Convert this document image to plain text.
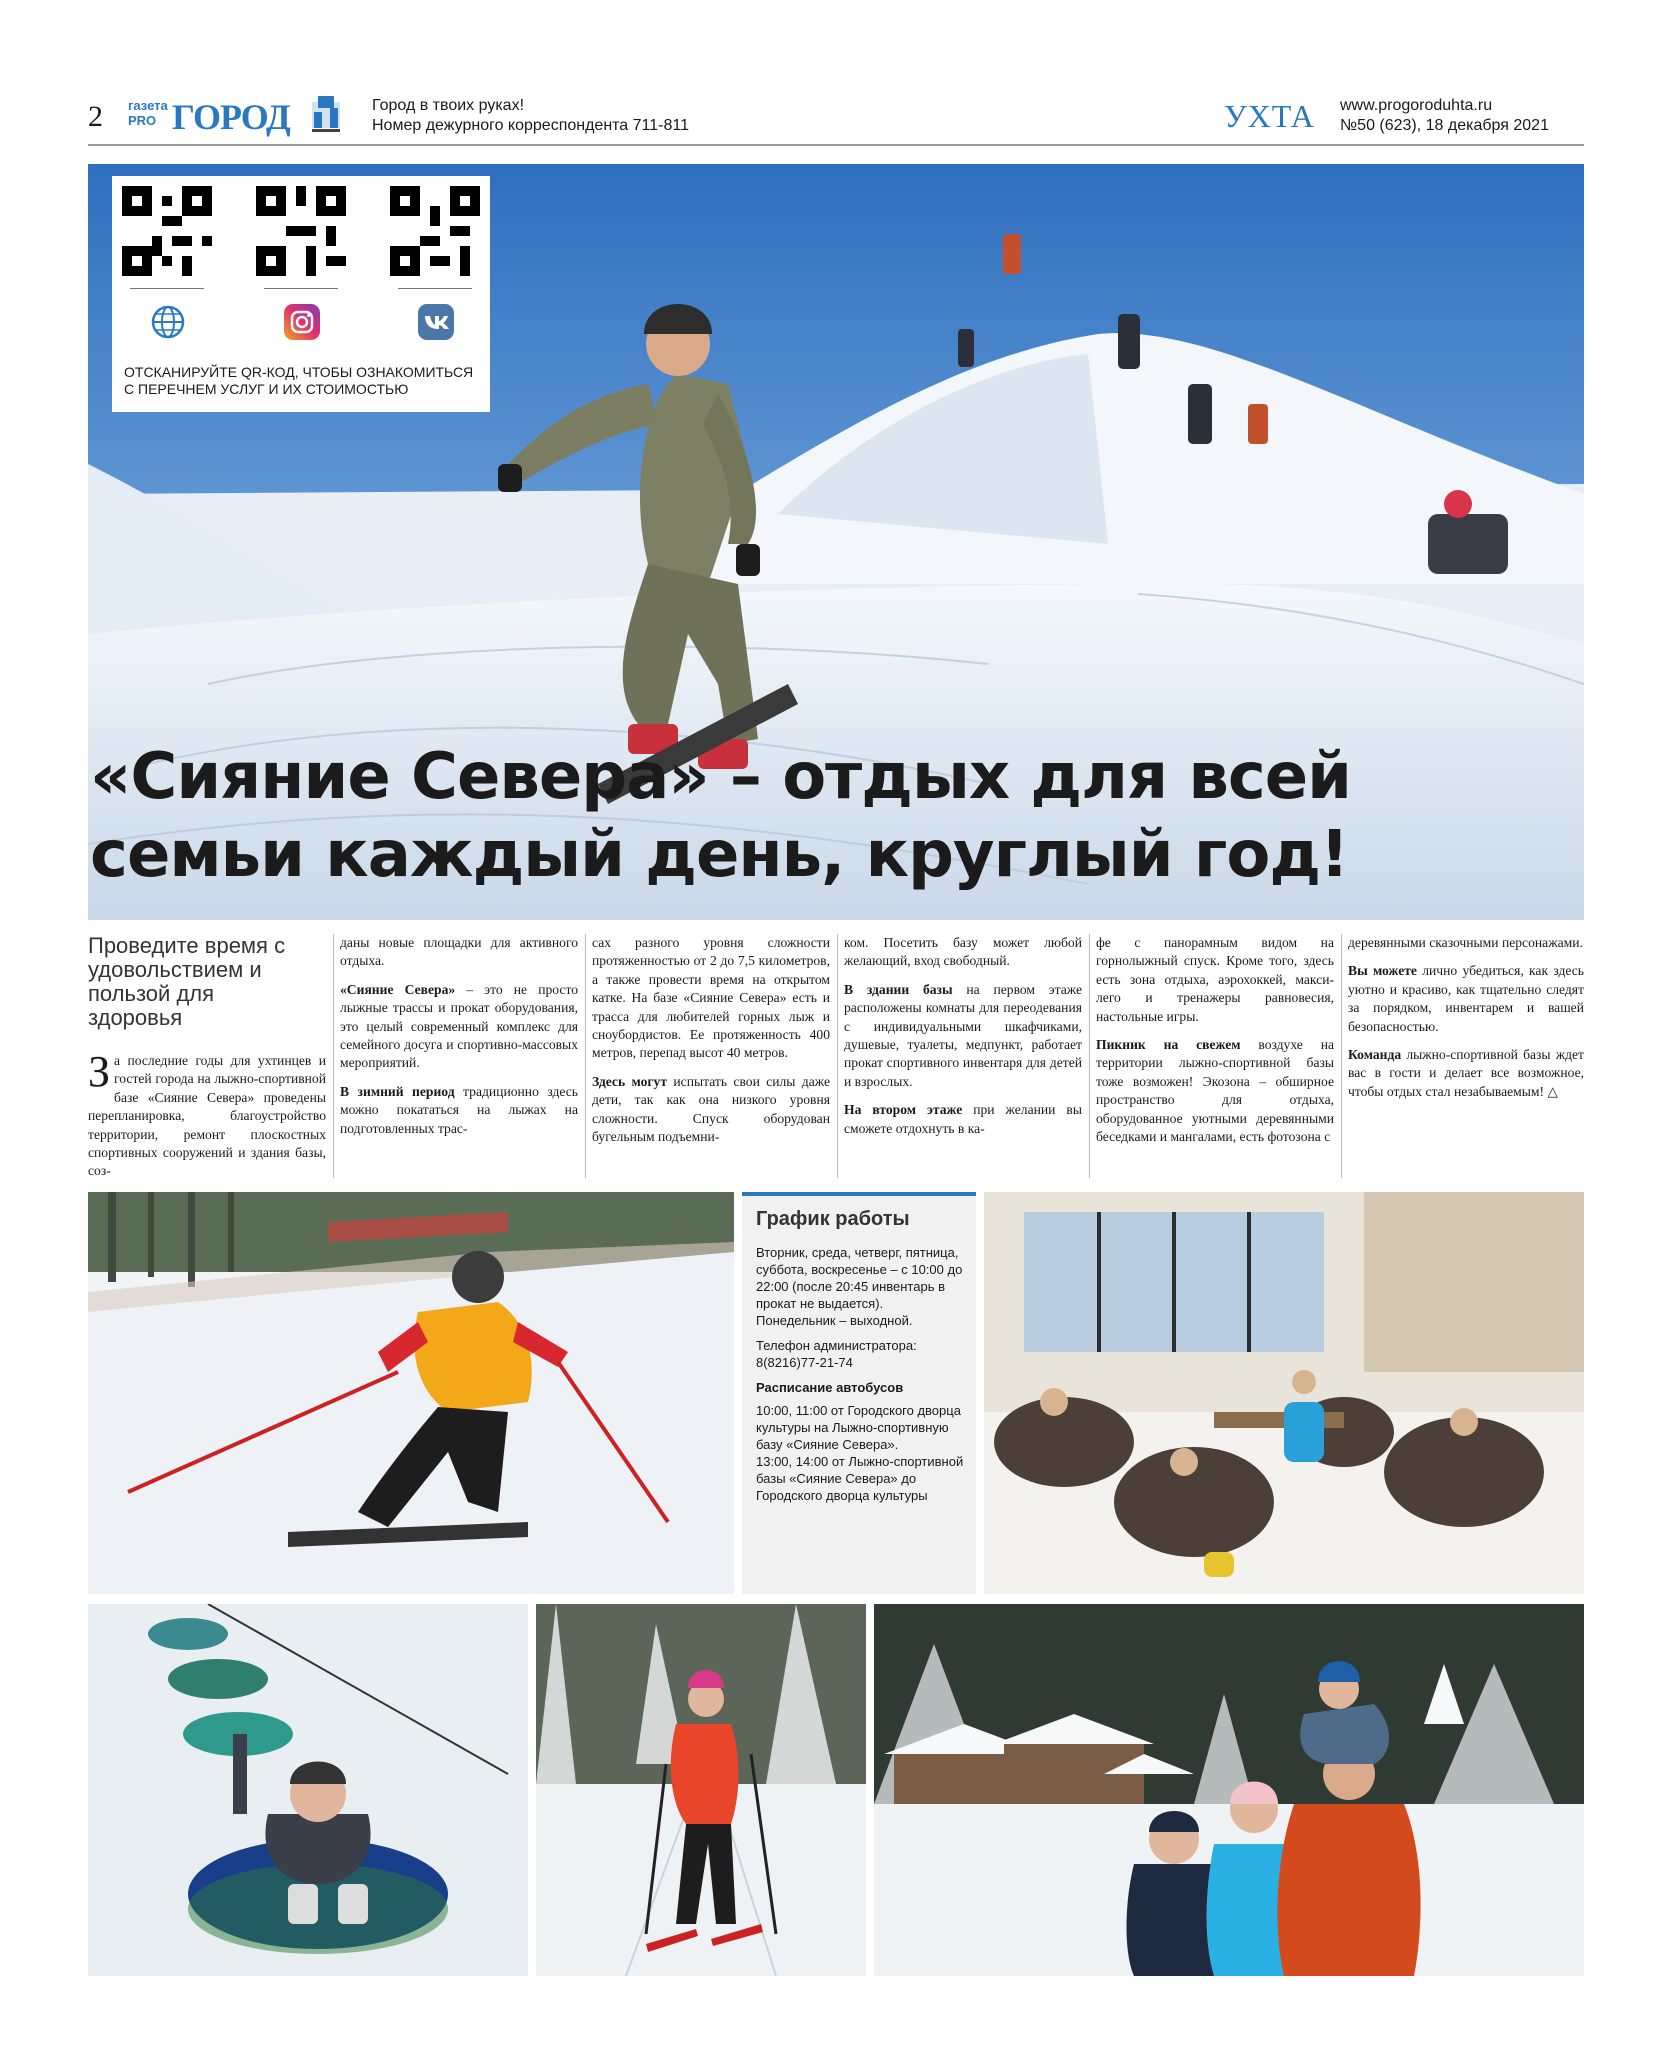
2 газета PRO ГОРОД	Город в твоих руках!
Номер дежурного корреспондента 711-811	УХТА www.progoroduhta.ru
№50 (623), 18 декабря 2021
ОТСКАНИРУЙТЕ QR-КОД, ЧТОБЫ ОЗНАКОМИТЬСЯ С ПЕРЕЧНЕМ УСЛУГ И ИХ СТОИМОСТЬЮ
«Сияние Севера» – отдых для всей
семьи каждый день, круглый год!
Проведите время с удовольствием и пользой для здоровья

За последние годы для ухтинцев и гостей города на лыжно-спортивной базе «Сияние Севера» проведены перепланировка, благоустройство территории, ремонт плоскостных спортивных сооружений и здания базы, соз-

даны новые площадки для активного отдыха.

«Сияние Севера» – это не просто лыжные трассы и прокат оборудования, это целый современный комплекс для семейного досуга и спортивно-массовых мероприятий.

В зимний период традиционно здесь можно покататься на лыжах на подготовленных трас-

сах разного уровня сложности протяженностью от 2 до 7,5 километров, а также провести время на открытом катке. На базе «Сияние Севера» есть и трасса для любителей горных лыж и сноубордистов. Ее протяженность 400 метров, перепад высот 40 метров.

Здесь могут испытать свои силы даже дети, так как она низкого уровня сложности. Спуск оборудован бугельным подъемни-

ком. Посетить базу может любой желающий, вход свободный.

В здании базы на первом этаже расположены комнаты для переодевания с индивидуальными шкафчиками, душевые, туалеты, медпункт, работает прокат спортивного инвентаря для детей и взрослых.

На втором этаже при желании вы сможете отдохнуть в ка-

фе с панорамным видом на горнолыжный спуск. Кроме того, здесь есть зона отдыха, аэрохоккей, макси-лего и тренажеры равновесия, настольные игры.

Пикник на свежем воздухе на территории лыжно-спортивной базы тоже возможен! Экозона – обширное пространство для отдыха, оборудованное уютными деревянными беседками и мангалами, есть фотозона с

деревянными сказочными персонажами.

Вы можете лично убедиться, как здесь уютно и красиво, как тщательно следят за порядком, инвентарем и вашей безопасностью.

Команда лыжно-спортивной базы ждет вас в гости и делает все возможное, чтобы отдых стал незабываемым! △

График работы

Вторник, среда, четверг, пятница, суббота, воскресенье – с 10:00 до 22:00 (после 20:45 инвентарь в прокат не выдается). Понедельник – выходной.

Телефон администратора:

8(8216)77-21-74

Расписание автобусов

10:00, 11:00 от Городского дворца культуры на Лыжно-спортивную базу «Сияние Севера».

13:00, 14:00 от Лыжно-спортивной базы «Сияние Севера» до Городского дворца культуры
